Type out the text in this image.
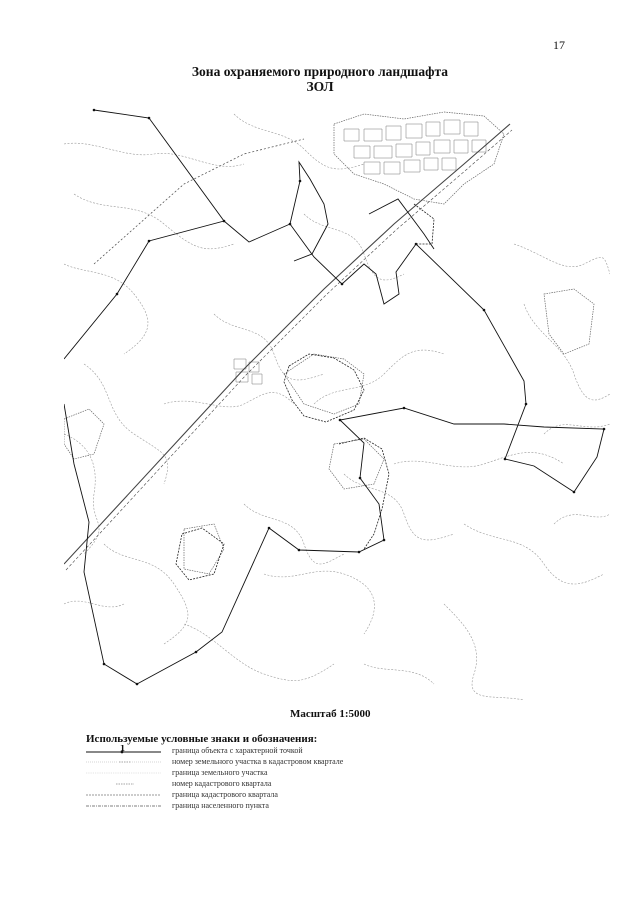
17
Зона охраняемого природного ландшафта
ЗОЛ
Масштаб 1:5000
Используемые условные знаки и обозначения:
1	граница объекта с характерной точкой
номер земельного участка в кадастровом квартале
граница земельного участка
номер кадастрового квартала
граница кадастрового квартала
граница населенного пункта
